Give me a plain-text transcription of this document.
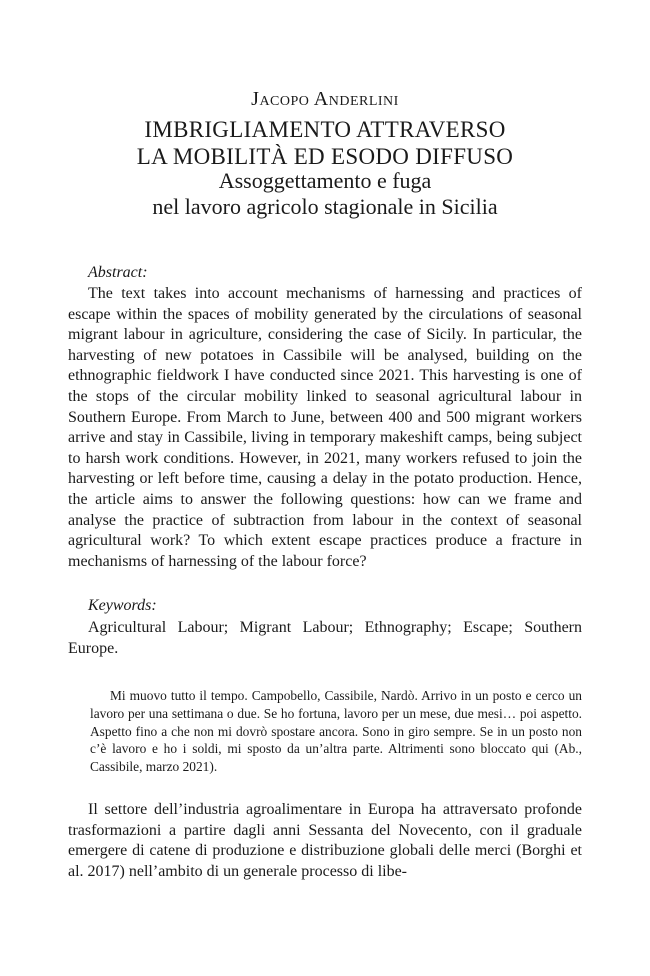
Jacopo Anderlini
IMBRIGLIAMENTO ATTRAVERSO
LA MOBILITÀ ED ESODO DIFFUSO
Assoggettamento e fuga
nel lavoro agricolo stagionale in Sicilia
Abstract:

The text takes into account mechanisms of harnessing and practices of escape within the spaces of mobility generated by the circulations of seasonal migrant labour in agriculture, considering the case of Sicily. In particular, the harvesting of new potatoes in Cassibile will be analysed, building on the ethnographic fieldwork I have conducted since 2021. This harvesting is one of the stops of the circular mobility linked to seasonal agricultural labour in Southern Europe. From March to June, between 400 and 500 migrant workers arrive and stay in Cassibile, living in temporary makeshift camps, being subject to harsh work conditions. However, in 2021, many workers refused to join the harvesting or left before time, causing a delay in the potato production. Hence, the article aims to answer the following questions: how can we frame and analyse the practice of subtraction from labour in the context of seasonal agricultural work? To which extent escape practices produce a fracture in mechanisms of harnessing of the labour force?

Keywords:

Agricultural Labour; Migrant Labour; Ethnography; Escape; Southern Europe.

Mi muovo tutto il tempo. Campobello, Cassibile, Nardò. Arrivo in un posto e cerco un lavoro per una settimana o due. Se ho fortuna, lavoro per un mese, due mesi… poi aspetto. Aspetto fino a che non mi dovrò spostare ancora. Sono in giro sempre. Se in un posto non c’è lavoro e ho i soldi, mi sposto da un’altra parte. Altrimenti sono bloccato qui (Ab., Cassibile, marzo 2021).

Il settore dell’industria agroalimentare in Europa ha attraversato profonde trasformazioni a partire dagli anni Sessanta del Novecento, con il graduale emergere di catene di produzione e distribuzione globali delle merci (Borghi et al. 2017) nell’ambito di un generale processo di libe-
